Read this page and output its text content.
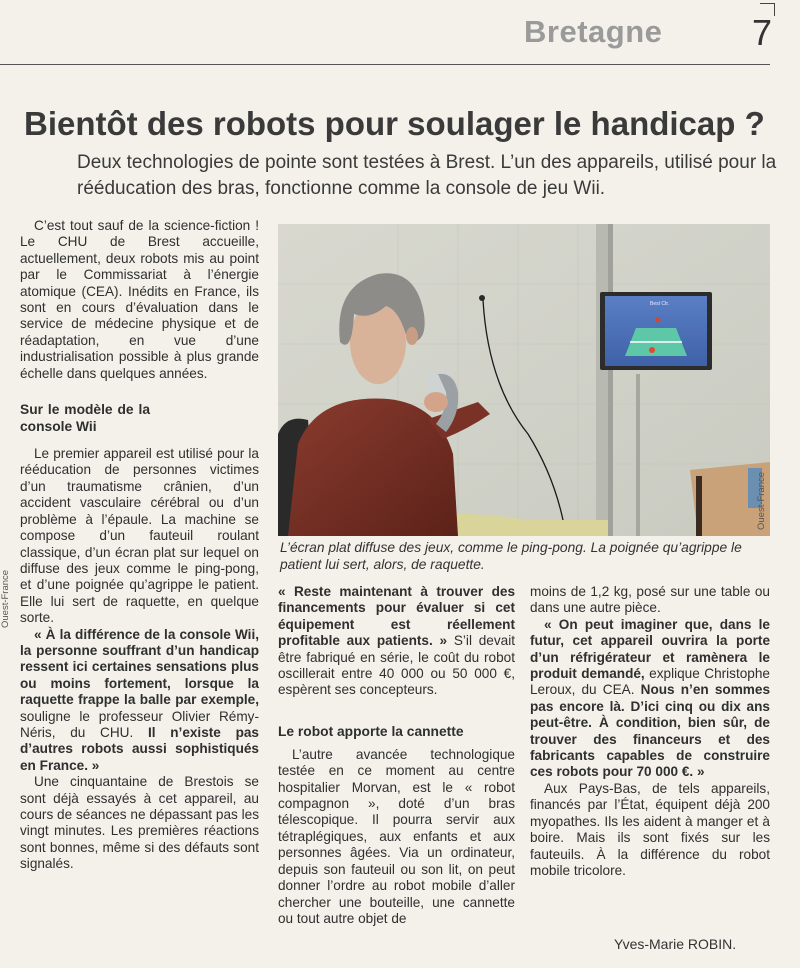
Bretagne 7
Bientôt des robots pour soulager le handicap ?

Deux technologies de pointe sont testées à Brest. L’un des appareils, utilisé pour la rééducation des bras, fonctionne comme la console de jeu Wii.

C’est tout sauf de la science-fiction ! Le CHU de Brest accueille, actuellement, deux robots mis au point par le Commissariat à l’énergie atomique (CEA). Inédits en France, ils sont en cours d’évaluation dans le service de médecine physique et de réadaptation, en vue d’une industrialisation possible à plus grande échelle dans quelques années.

Sur le modèle de la console Wii

Le premier appareil est utilisé pour la rééducation de personnes victimes d’un traumatisme crânien, d’un accident vasculaire cérébral ou d’un problème à l’épaule. La machine se compose d’un fauteuil roulant classique, d’un écran plat sur lequel on diffuse des jeux comme le ping-pong, et d’une poignée qu’agrippe le patient. Elle lui sert de raquette, en quelque sorte.

« À la différence de la console Wii, la personne souffrant d’un handicap ressent ici certaines sensations plus ou moins fortement, lorsque la raquette frappe la balle par exemple, souligne le professeur Olivier Rémy-Néris, du CHU. Il n’existe pas d’autres robots aussi sophistiqués en France. »

Une cinquantaine de Brestois se sont déjà essayés à cet appareil, au cours de séances ne dépassant pas les vingt minutes. Les premières réactions sont bonnes, même si des défauts sont signalés.

Best Ctr.
Ouest-France

L’écran plat diffuse des jeux, comme le ping-pong. La poignée qu’agrippe le patient lui sert, alors, de raquette.

Ouest-France	« Reste maintenant à trouver des financements pour évaluer si cet équipement est réellement profitable aux patients. » S’il devait être fabriqué en série, le coût du robot oscillerait entre 40 000 ou 50 000 €, espèrent ses concepteurs.

Le robot apporte la cannette

L’autre avancée technologique testée en ce moment au centre hospitalier Morvan, est le « robot compagnon », doté d’un bras télescopique. Il pourra servir aux tétraplégiques, aux enfants et aux personnes âgées. Via un ordinateur, depuis son fauteuil ou son lit, on peut donner l’ordre au robot mobile d’aller chercher une bouteille, une cannette ou tout autre objet de

moins de 1,2 kg, posé sur une table ou dans une autre pièce.

« On peut imaginer que, dans le futur, cet appareil ouvrira la porte d’un réfrigérateur et ramènera le produit demandé, explique Christophe Leroux, du CEA. Nous n’en sommes pas encore là. D’ici cinq ou dix ans peut-être. À condition, bien sûr, de trouver des financeurs et des fabricants capables de construire ces robots pour 70 000 €. »

Aux Pays-Bas, de tels appareils, financés par l’État, équipent déjà 200 myopathes. Ils les aident à manger et à boire. Mais ils sont fixés sur les fauteuils. À la différence du robot mobile tricolore.

Yves-Marie ROBIN.
